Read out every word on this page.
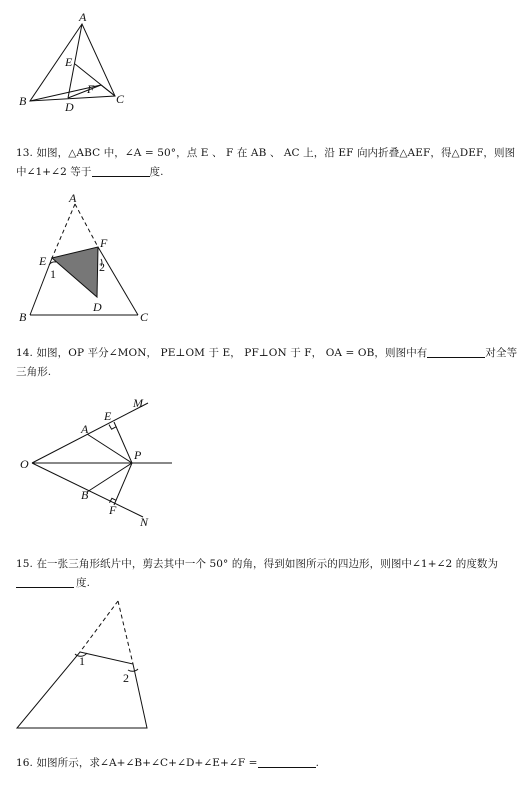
A
B	C
D
E
F
13. 如图，△ABC 中，∠A = 50°，点 E 、 F 在 AB 、 AC 上，沿 EF 向内折叠△AEF，得△DEF，则图中∠1+∠2 等于	度.
A
E
F
B	C
D
1	2
14. 如图，OP 平分∠MON， PE⊥OM 于 E， PF⊥ON 于 F， OA = OB，则图中有	对全等三角形.
O
A
E
M
P
B
F
N
15. 在一张三角形纸片中，剪去其中一个 50° 的角，得到如图所示的四边形，则图中∠1+∠2 的度数为
度.
1
2
16. 如图所示，求∠A+∠B+∠C+∠D+∠E+∠F =	.
